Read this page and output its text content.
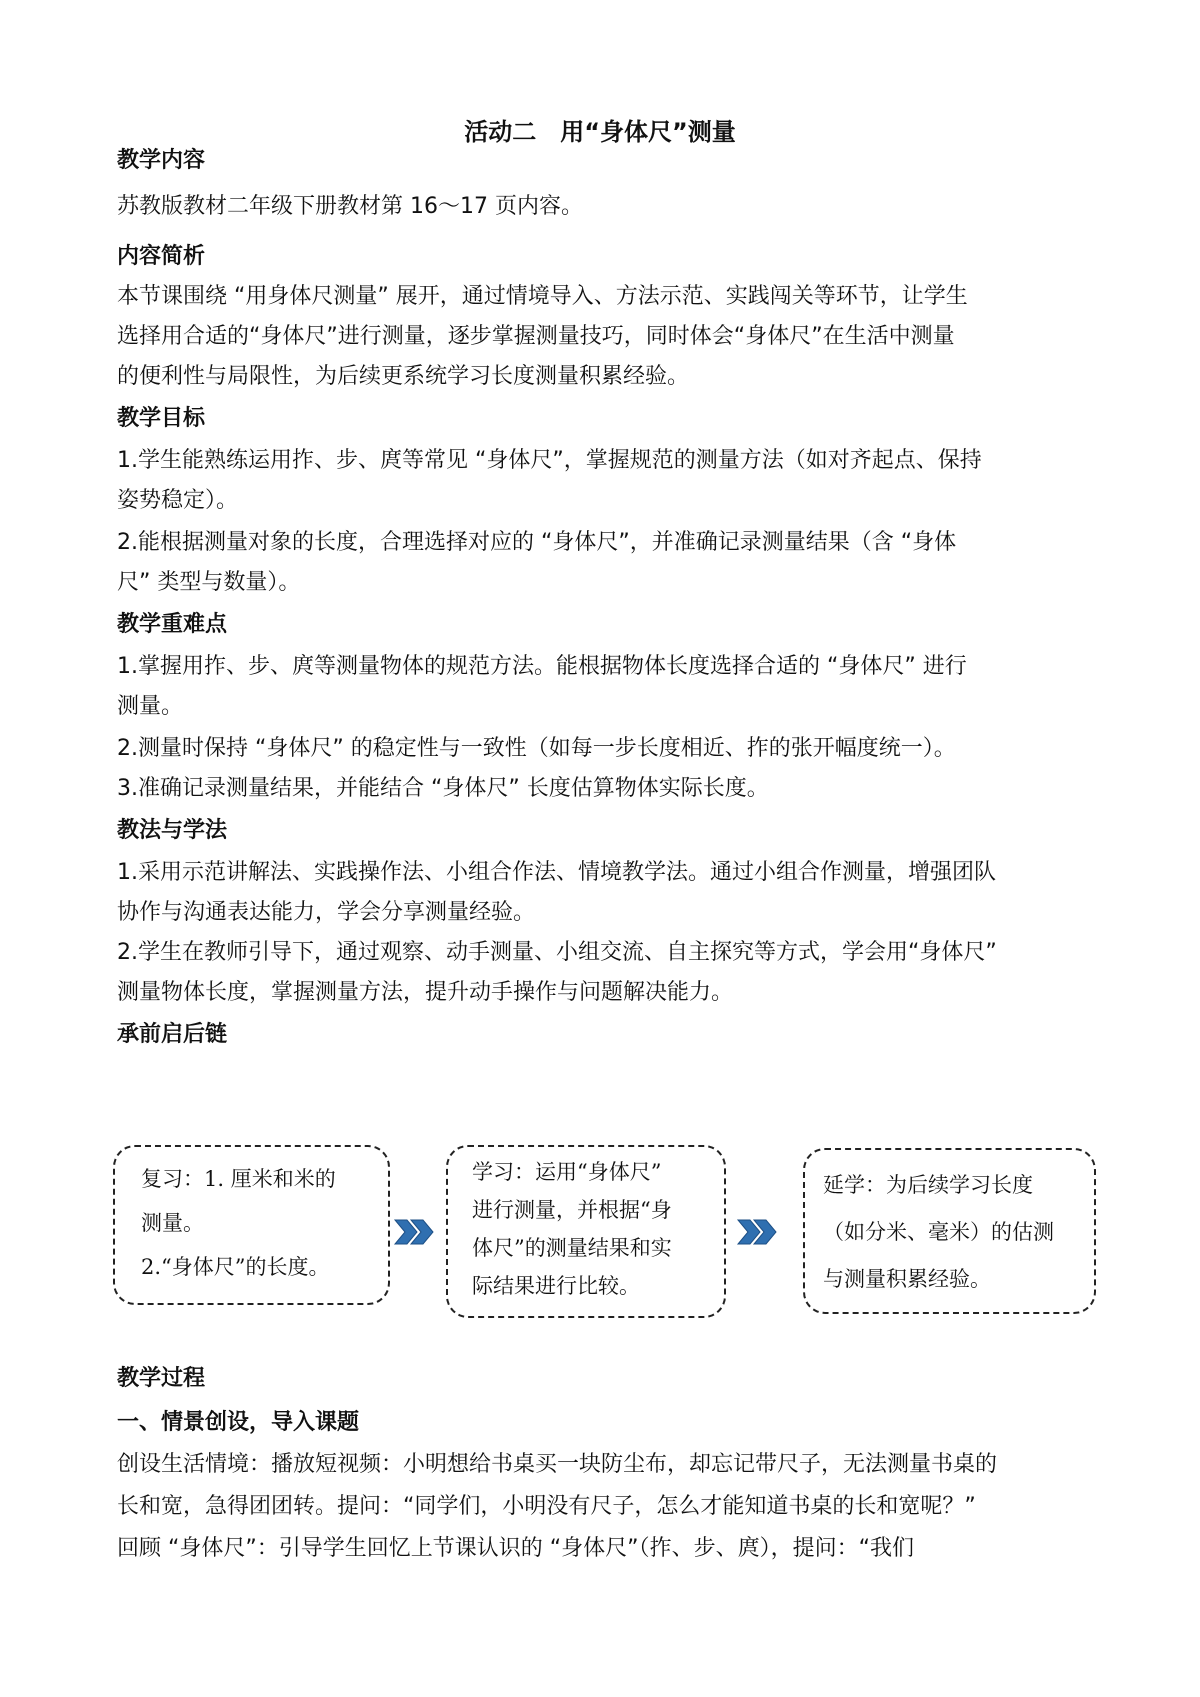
活动二　用“身体尺”测量
教学内容
苏教版教材二年级下册教材第 16～17 页内容。
内容简析
本节课围绕 “用身体尺测量” 展开，通过情境导入、方法示范、实践闯关等环节，让学生
选择用合适的“身体尺”进行测量，逐步掌握测量技巧，同时体会“身体尺”在生活中测量
的便利性与局限性，为后续更系统学习长度测量积累经验。
教学目标
1.学生能熟练运用拃、步、庹等常见 “身体尺”，掌握规范的测量方法（如对齐起点、保持
姿势稳定）。
2.能根据测量对象的长度，合理选择对应的 “身体尺”，并准确记录测量结果（含 “身体
尺” 类型与数量）。
教学重难点
1.掌握用拃、步、庹等测量物体的规范方法。能根据物体长度选择合适的 “身体尺” 进行
测量。
2.测量时保持 “身体尺” 的稳定性与一致性（如每一步长度相近、拃的张开幅度统一）。
3.准确记录测量结果，并能结合 “身体尺” 长度估算物体实际长度。
教法与学法
1.采用示范讲解法、实践操作法、小组合作法、情境教学法。通过小组合作测量，增强团队
协作与沟通表达能力，学会分享测量经验。
2.学生在教师引导下，通过观察、动手测量、小组交流、自主探究等方式，学会用“身体尺”
测量物体长度，掌握测量方法，提升动手操作与问题解决能力。
承前启后链
复习：1. 厘米和米的
测量。
2.“身体尺”的长度。
学习：运用“身体尺”
进行测量，并根据“身
体尺”的测量结果和实
际结果进行比较。
延学：为后续学习长度
（如分米、毫米）的估测
与测量积累经验。
教学过程
一、情景创设，导入课题
创设生活情境：播放短视频：小明想给书桌买一块防尘布，却忘记带尺子，无法测量书桌的
长和宽，急得团团转。提问：“同学们，小明没有尺子，怎么才能知道书桌的长和宽呢？”
回顾 “身体尺”：引导学生回忆上节课认识的 “身体尺”（拃、步、庹），提问：“我们
